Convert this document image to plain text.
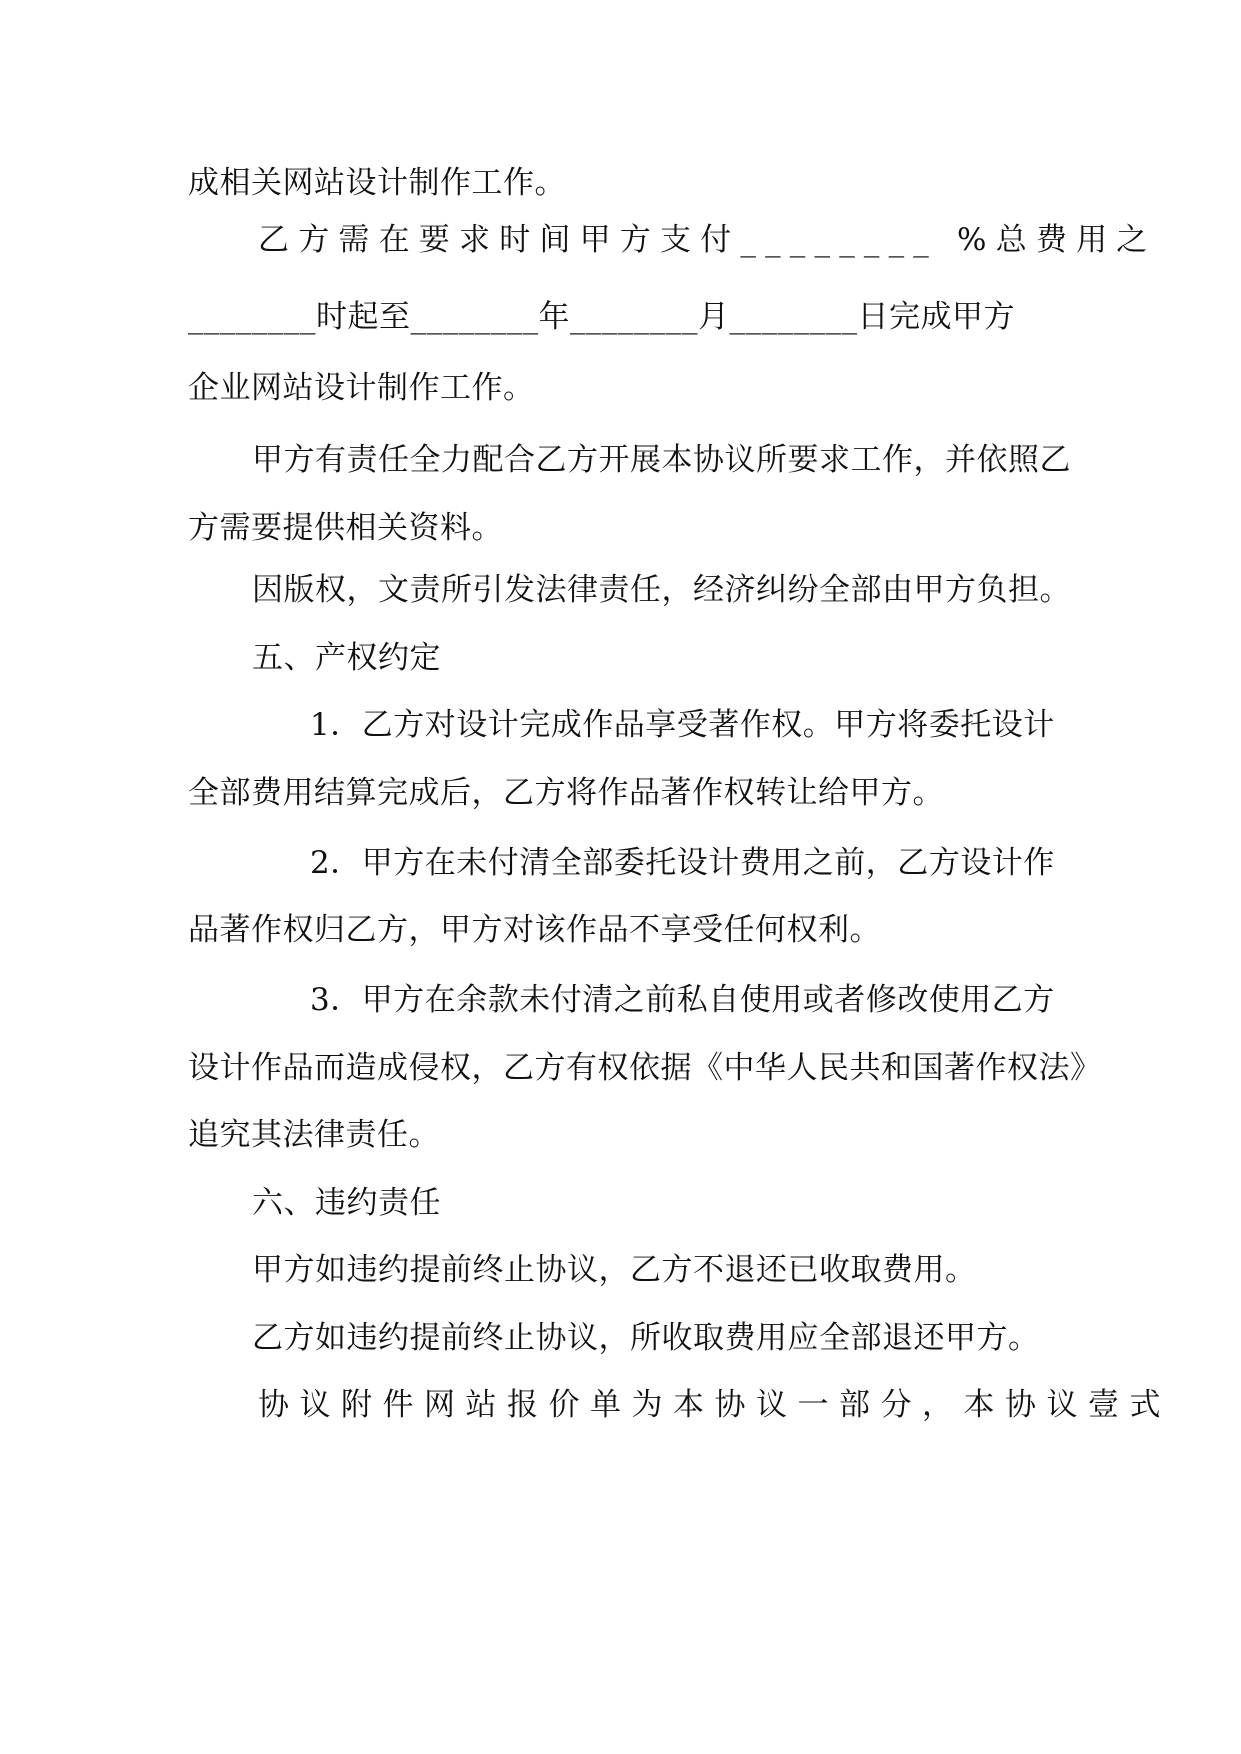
成相关网站设计制作工作。
乙方需在要求时间甲方支付________ %总费用之
________时起至________年________月________日完成甲方
企业网站设计制作工作。
甲方有责任全力配合乙方开展本协议所要求工作，并依照乙
方需要提供相关资料。
因版权，文责所引发法律责任，经济纠纷全部由甲方负担。
五、产权约定
1．乙方对设计完成作品享受著作权。甲方将委托设计
全部费用结算完成后，乙方将作品著作权转让给甲方。
2．甲方在未付清全部委托设计费用之前，乙方设计作
品著作权归乙方，甲方对该作品不享受任何权利。
3．甲方在余款未付清之前私自使用或者修改使用乙方
设计作品而造成侵权，乙方有权依据《中华人民共和国著作权法》
追究其法律责任。
六、违约责任
甲方如违约提前终止协议，乙方不退还已收取费用。
乙方如违约提前终止协议，所收取费用应全部退还甲方。
协议附件网站报价单为本协议一部分，本协议壹式
